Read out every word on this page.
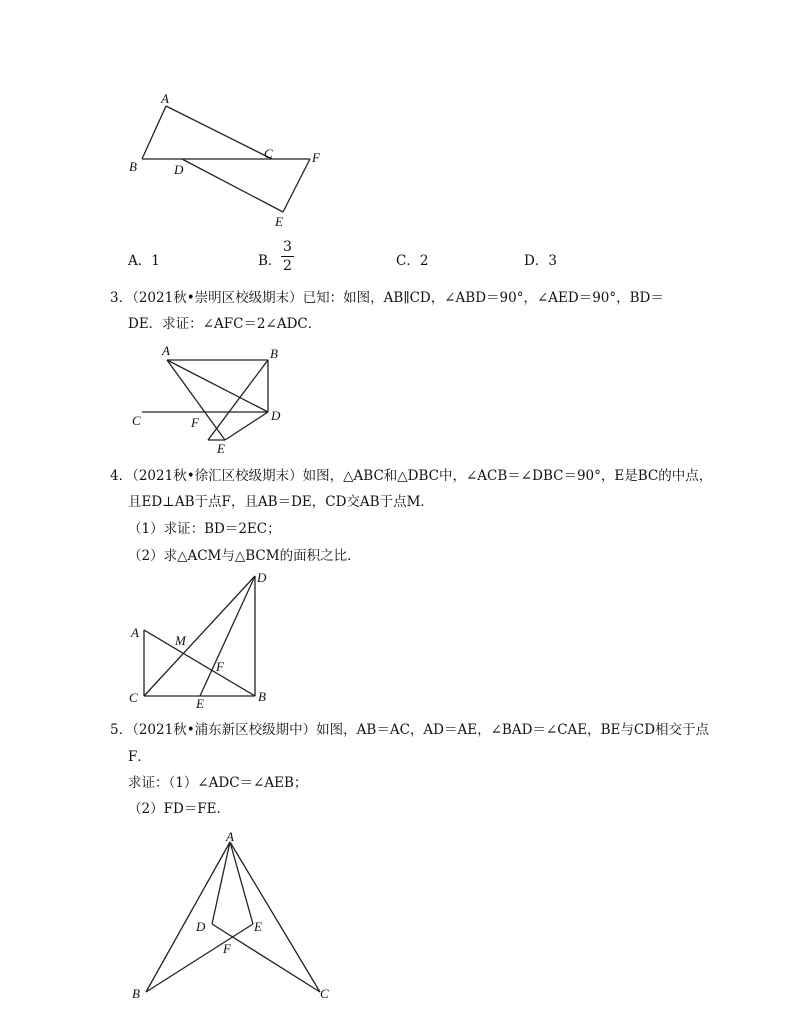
A
B
C
D
E
F
A．1	B． $\frac{3}{2}$	C．2	D．3
3．（2021秋•崇明区校级期末）已知：如图，AB∥CD，∠ABD＝90°，∠AED＝90°，BD＝
DE．求证：∠AFC＝2∠ADC．
A	B
C	D
E
F
4．（2021秋•徐汇区校级期末）如图，△ABC和△DBC中，∠ACB＝∠DBC＝90°，E是BC的中点，
且ED⊥AB于点F，且AB＝DE，CD交AB于点M．
（1）求证：BD＝2EC；
（2）求△ACM与△BCM的面积之比．
A
B
C
D
E
F
M
5．（2021秋•浦东新区校级期中）如图，AB＝AC，AD＝AE，∠BAD＝∠CAE，BE与CD相交于点
F．
求证：（1）∠ADC＝∠AEB；
（2）FD＝FE．
A
B	C
D	E
F
